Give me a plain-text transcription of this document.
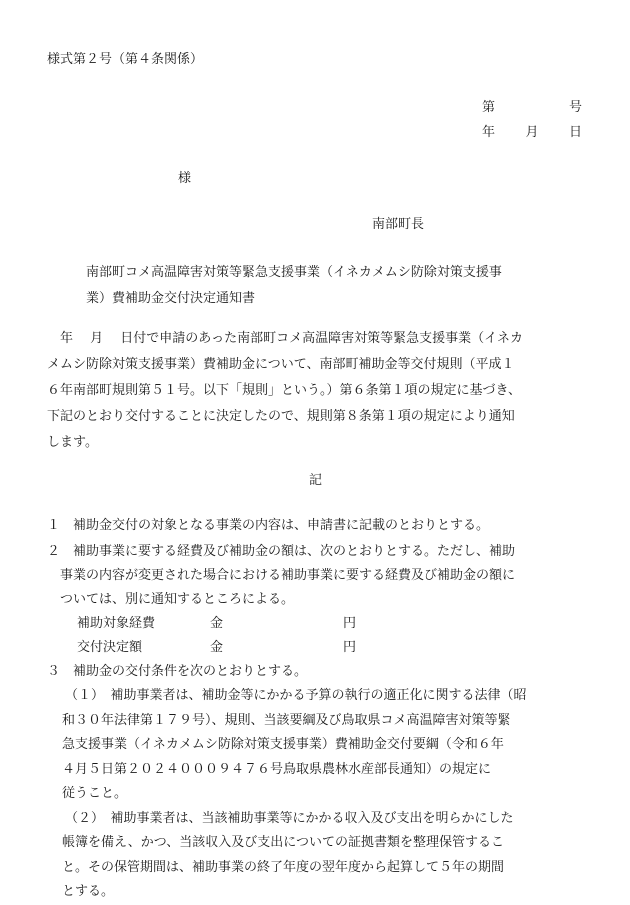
様式第２号（第４条関係）
第	号
年 月 日
様
南部町長
南部町コメ高温障害対策等緊急支援事業（イネカメムシ防除対策支援事
業）費補助金交付決定通知書
　年　 月　 日付で申請のあった南部町コメ高温障害対策等緊急支援事業（イネカ
メムシ防除対策支援事業）費補助金について、南部町補助金等交付規則（平成１
６年南部町規則第５１号。以下「規則」という。）第６条第１項の規定に基づき、
下記のとおり交付することに決定したので、規則第８条第１項の規定により通知
します。
記
１　補助金交付の対象となる事業の内容は、申請書に記載のとおりとする。
２　補助事業に要する経費及び補助金の額は、次のとおりとする。ただし、補助
　事業の内容が変更された場合における補助事業に要する経費及び補助金の額に
　ついては、別に通知するところによる。
補助対象経費	金	円
交付決定額	金	円
３　補助金の交付条件を次のとおりとする。
（１）　補助事業者は、補助金等にかかる予算の執行の適正化に関する法律（昭
　　　和３０年法律第１７９号）、規則、当該要綱及び鳥取県コメ高温障害対策等緊
　　　急支援事業（イネカメムシ防除対策支援事業）費補助金交付要綱（令和６年
　　　４月５日第２０２４０００９４７６号鳥取県農林水産部長通知）の規定に
　　　従うこと。
（２）　補助事業者は、当該補助事業等にかかる収入及び支出を明らかにした
　　　帳簿を備え、かつ、当該収入及び支出についての証拠書類を整理保管するこ
　　　と。その保管期間は、補助事業の終了年度の翌年度から起算して５年の期間
　　　とする。
